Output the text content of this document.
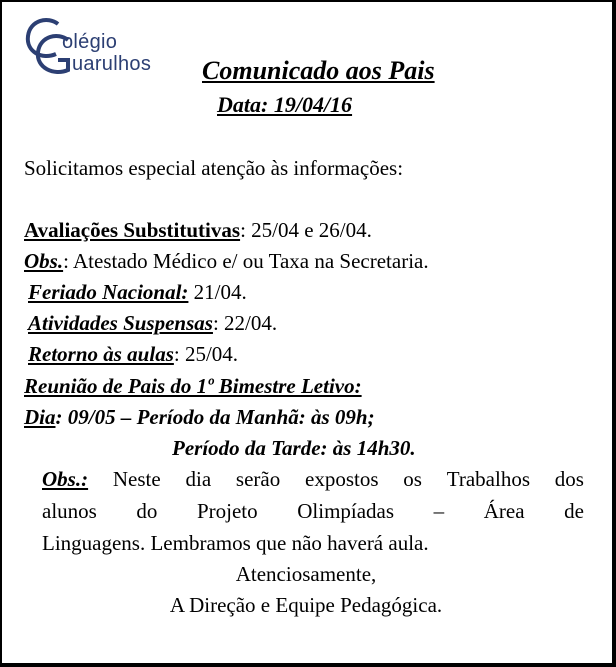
olégio
uarulhos Comunicado aos Pais
Data: 19/04/16
Solicitamos especial atenção às informações:
Avaliações Substitutivas: 25/04 e 26/04.
Obs.: Atestado Médico e/ ou Taxa na Secretaria.
Feriado Nacional: 21/04.
Atividades Suspensas: 22/04.
Retorno às aulas: 25/04.
Reunião de Pais do 1º Bimestre Letivo:
Dia: 09/05 – Período da Manhã: às 09h;
Período da Tarde: às 14h30.
Obs.: Neste dia serão expostos os Trabalhos dos
alunos do Projeto Olimpíadas – Área de
Linguagens. Lembramos que não haverá aula.
Atenciosamente,
A Direção e Equipe Pedagógica.
